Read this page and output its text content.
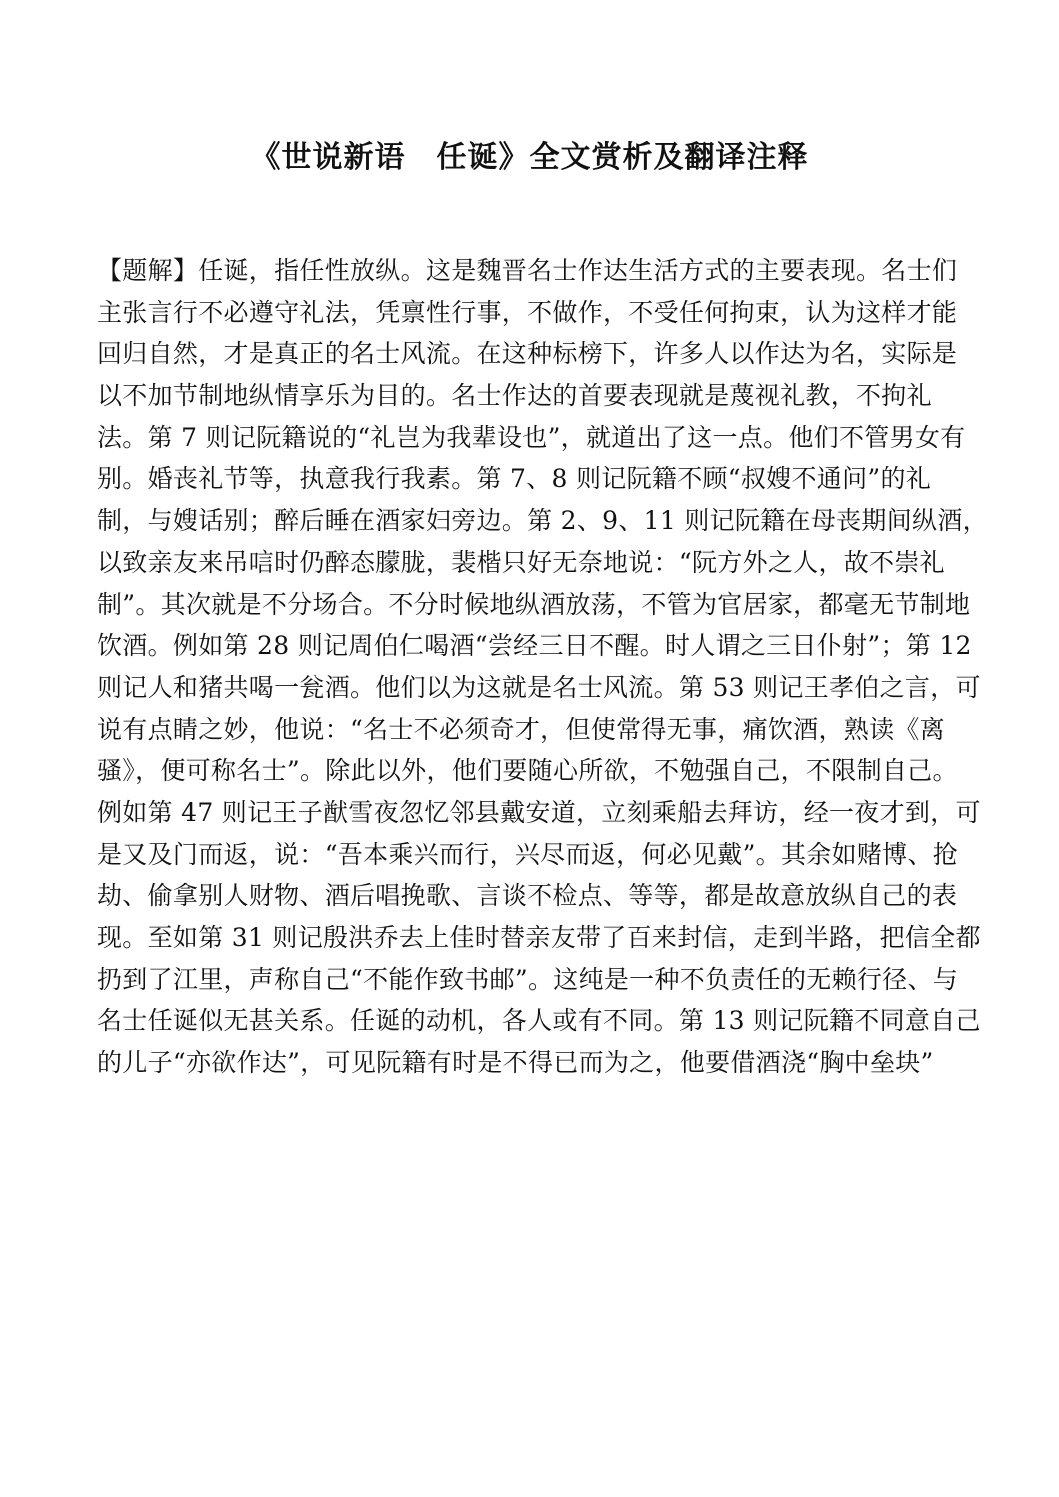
《世说新语　任诞》全文赏析及翻译注释
【题解】任诞，指任性放纵。这是魏晋名士作达生活方式的主要表现。名士们
主张言行不必遵守礼法，凭禀性行事，不做作，不受任何拘束，认为这样才能
回归自然，才是真正的名士风流。在这种标榜下，许多人以作达为名，实际是
以不加节制地纵情享乐为目的。名士作达的首要表现就是蔑视礼教，不拘礼
法。第 7 则记阮籍说的“礼岂为我辈设也”，就道出了这一点。他们不管男女有
别。婚丧礼节等，执意我行我素。第 7、8 则记阮籍不顾“叔嫂不通问”的礼
制，与嫂话别；醉后睡在酒家妇旁边。第 2、9、11 则记阮籍在母丧期间纵酒，
以致亲友来吊唁时仍醉态朦胧，裴楷只好无奈地说：“阮方外之人，故不崇礼
制”。其次就是不分场合。不分时候地纵酒放荡，不管为官居家，都毫无节制地
饮酒。例如第 28 则记周伯仁喝酒“尝经三日不醒。时人谓之三日仆射”；第 12
则记人和猪共喝一瓮酒。他们以为这就是名士风流。第 53 则记王孝伯之言，可
说有点睛之妙，他说：“名士不必须奇才，但使常得无事，痛饮酒，熟读《离
骚》，便可称名士”。除此以外，他们要随心所欲，不勉强自己，不限制自己。
例如第 47 则记王子猷雪夜忽忆邻县戴安道，立刻乘船去拜访，经一夜才到，可
是又及门而返，说：“吾本乘兴而行，兴尽而返，何必见戴”。其余如赌博、抢
劫、偷拿别人财物、酒后唱挽歌、言谈不检点、等等，都是故意放纵自己的表
现。至如第 31 则记殷洪乔去上佳时替亲友带了百来封信，走到半路，把信全都
扔到了江里，声称自己“不能作致书邮”。这纯是一种不负责任的无赖行径、与
名士任诞似无甚关系。任诞的动机，各人或有不同。第 13 则记阮籍不同意自己
的儿子“亦欲作达”，可见阮籍有时是不得已而为之，他要借酒浇“胸中垒块”
